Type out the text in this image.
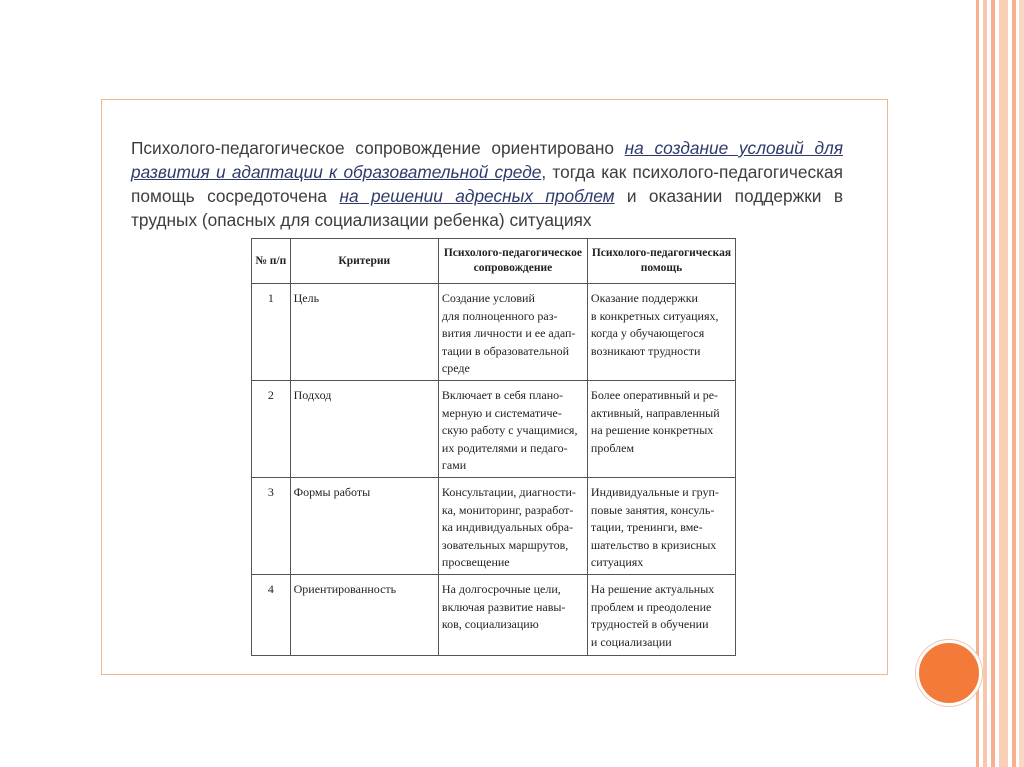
Психолого-педагогическое сопровождение ориентировано на создание условий для развития и адаптации к образовательной среде, тогда как психолого-педагогическая помощь сосредоточена на решении адресных проблем и оказании поддержки в трудных (опасных для социализации ребенка) ситуациях

№ п/п	Критерии	Психолого-педагогическое сопровождение	Психолого-педагогическая помощь
1	Цель	Создание условий
для полноценного раз-
вития личности и ее адап-
тации в образовательной
среде	Оказание поддержки
в конкретных ситуациях,
когда у обучающегося
возникают трудности
2	Подход	Включает в себя плано-
мерную и систематиче-
скую работу с учащимися,
их родителями и педаго-
гами	Более оперативный и ре-
активный, направленный
на решение конкретных
проблем
3	Формы работы	Консультации, диагности-
ка, мониторинг, разработ-
ка индивидуальных обра-
зовательных маршрутов,
просвещение	Индивидуальные и груп-
повые занятия, консуль-
тации, тренинги, вме-
шательство в кризисных
ситуациях
4	Ориентированность	На долгосрочные цели,
включая развитие навы-
ков, социализацию	На решение актуальных
проблем и преодоление
трудностей в обучении
и социализации
